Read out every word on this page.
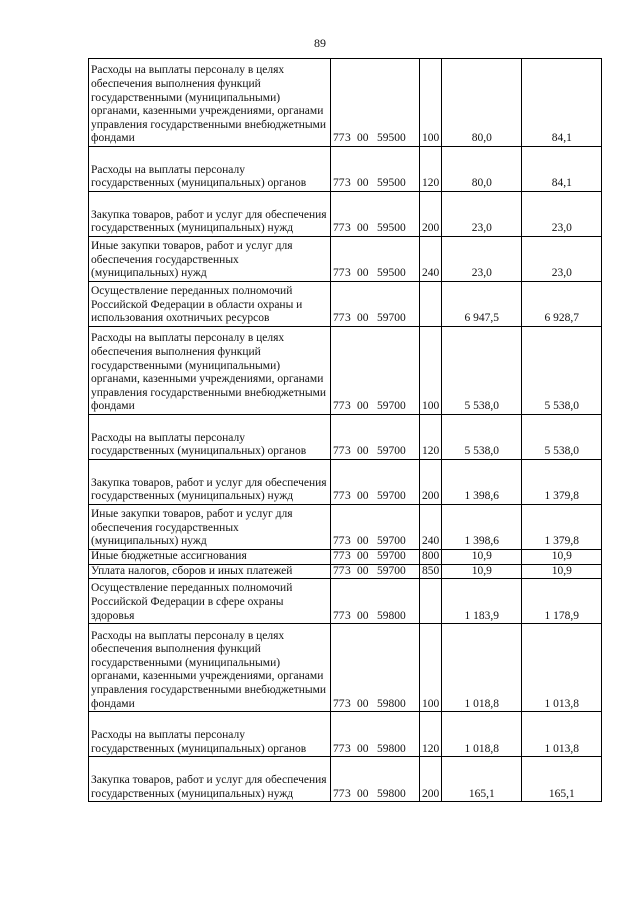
89
Расходы на выплаты персоналу в целях обеспечения выполнения функций государственными (муниципальными) органами, казенными учреждениями, органами управления государственными внебюджетными фондами	773 00 59500	100	80,0	84,1
Расходы на выплаты персоналу государственных (муниципальных) органов	773 00 59500	120	80,0	84,1
Закупка товаров, работ и услуг для обеспечения государственных (муниципальных) нужд	773 00 59500	200	23,0	23,0
Иные закупки товаров, работ и услуг для обеспечения государственных (муниципальных) нужд	773 00 59500	240	23,0	23,0
Осуществление переданных полномочий Российской Федерации в области охраны и использования охотничьих ресурсов	773 00 59700		6 947,5	6 928,7
Расходы на выплаты персоналу в целях обеспечения выполнения функций государственными (муниципальными) органами, казенными учреждениями, органами управления государственными внебюджетными фондами	773 00 59700	100	5 538,0	5 538,0
Расходы на выплаты персоналу государственных (муниципальных) органов	773 00 59700	120	5 538,0	5 538,0
Закупка товаров, работ и услуг для обеспечения государственных (муниципальных) нужд	773 00 59700	200	1 398,6	1 379,8
Иные закупки товаров, работ и услуг для обеспечения государственных (муниципальных) нужд	773 00 59700	240	1 398,6	1 379,8
Иные бюджетные ассигнования	773 00 59700	800	10,9	10,9
Уплата налогов, сборов и иных платежей	773 00 59700	850	10,9	10,9
Осуществление переданных полномочий Российской Федерации в сфере охраны здоровья	773 00 59800		1 183,9	1 178,9
Расходы на выплаты персоналу в целях обеспечения выполнения функций государственными (муниципальными) органами, казенными учреждениями, органами управления государственными внебюджетными фондами	773 00 59800	100	1 018,8	1 013,8
Расходы на выплаты персоналу государственных (муниципальных) органов	773 00 59800	120	1 018,8	1 013,8
Закупка товаров, работ и услуг для обеспечения государственных (муниципальных) нужд	773 00 59800	200	165,1	165,1
